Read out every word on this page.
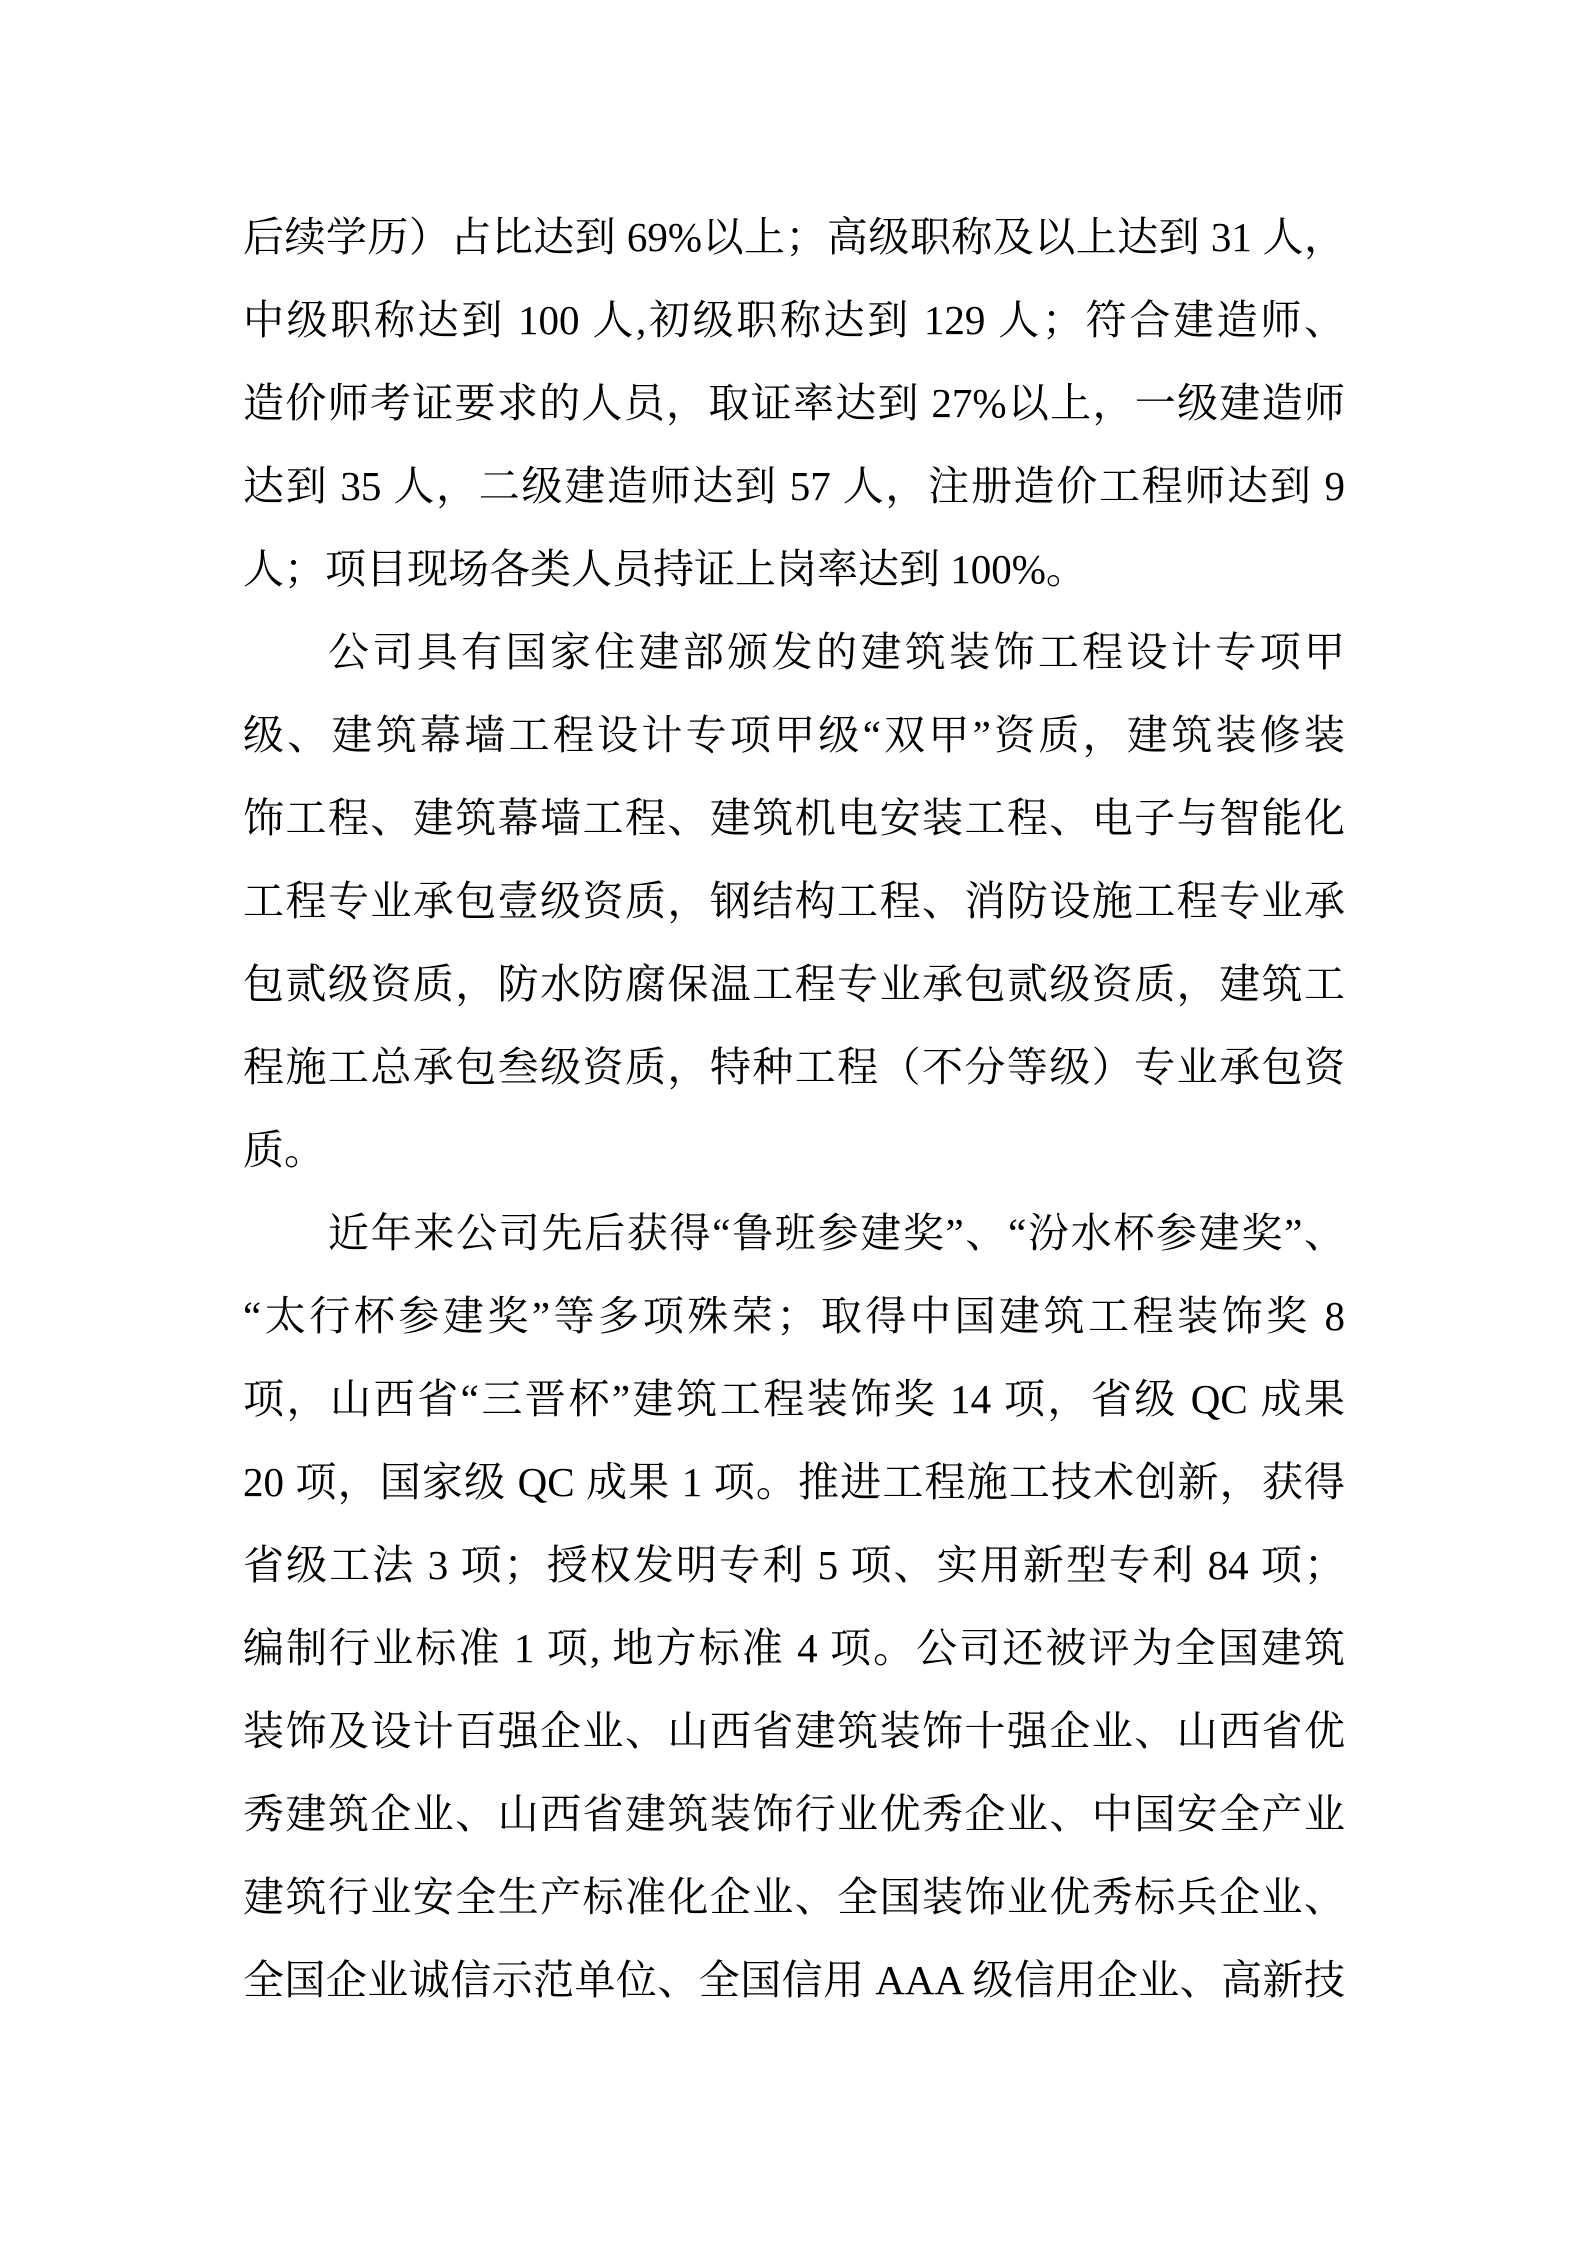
后续学历）占比达到 69%以上；高级职称及以上达到 31 人，
中级职称达到 100 人,初级职称达到 129 人；符合建造师、
造价师考证要求的人员，取证率达到 27%以上，一级建造师
达到 35 人，二级建造师达到 57 人，注册造价工程师达到 9
人；项目现场各类人员持证上岗率达到 100%。
公司具有国家住建部颁发的建筑装饰工程设计专项甲
级、建筑幕墙工程设计专项甲级“双甲”资质，建筑装修装
饰工程、建筑幕墙工程、建筑机电安装工程、电子与智能化
工程专业承包壹级资质，钢结构工程、消防设施工程专业承
包贰级资质，防水防腐保温工程专业承包贰级资质，建筑工
程施工总承包叁级资质，特种工程（不分等级）专业承包资
质。
近年来公司先后获得“鲁班参建奖”、“汾水杯参建奖”、
“太行杯参建奖”等多项殊荣；取得中国建筑工程装饰奖 8
项，山西省“三晋杯”建筑工程装饰奖 14 项，省级 QC 成果
20 项，国家级 QC 成果 1 项。推进工程施工技术创新，获得
省级工法 3 项；授权发明专利 5 项、实用新型专利 84 项；
编制行业标准 1 项, 地方标准 4 项。公司还被评为全国建筑
装饰及设计百强企业、山西省建筑装饰十强企业、山西省优
秀建筑企业、山西省建筑装饰行业优秀企业、中国安全产业
建筑行业安全生产标准化企业、全国装饰业优秀标兵企业、
全国企业诚信示范单位、全国信用 AAA 级信用企业、高新技
